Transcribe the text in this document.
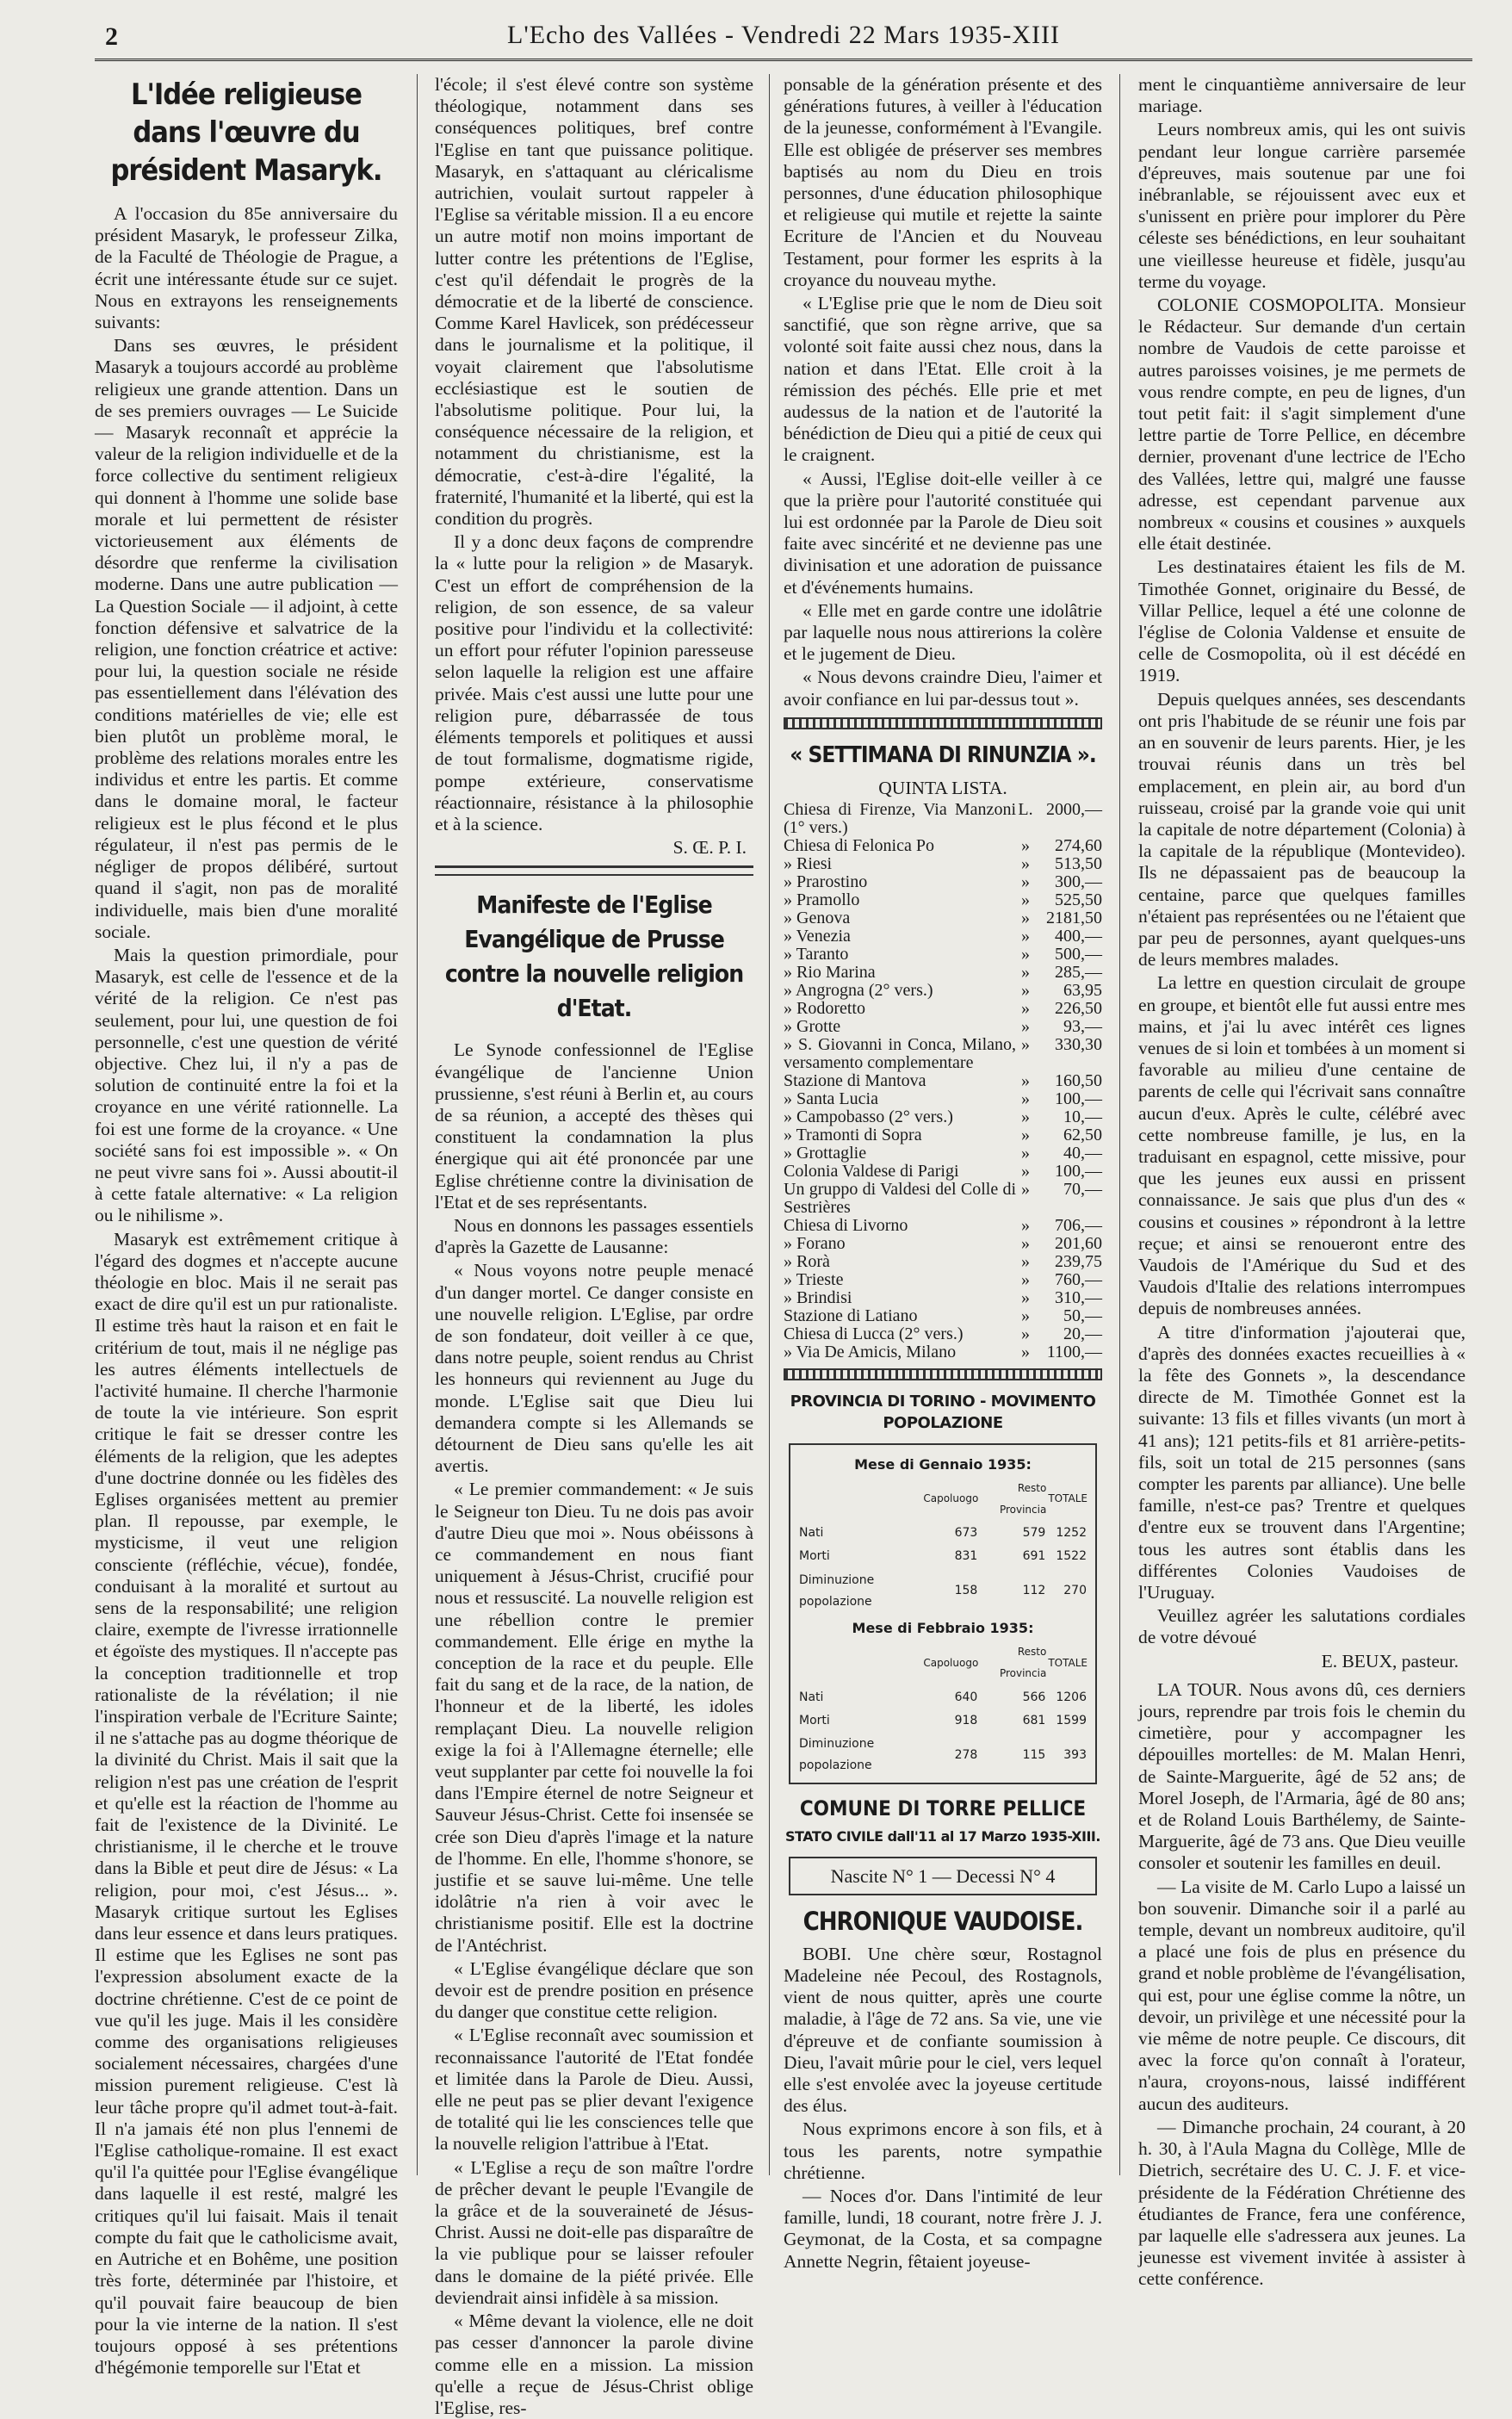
2	L'Echo des Vallées - Vendredi 22 Mars 1935-XIII
L'Idée religieuse dans l'œuvre du président Masaryk.

A l'occasion du 85e anniversaire du président Masaryk, le professeur Zilka, de la Faculté de Théologie de Prague, a écrit une intéressante étude sur ce sujet. Nous en extrayons les renseignements suivants:

Dans ses œuvres, le président Masaryk a toujours accordé au problème religieux une grande attention. Dans un de ses premiers ouvrages — Le Suicide — Masaryk reconnaît et apprécie la valeur de la religion individuelle et de la force collective du sentiment religieux qui donnent à l'homme une solide base morale et lui permettent de résister victorieusement aux éléments de désordre que renferme la civilisation moderne. Dans une autre publication — La Question Sociale — il adjoint, à cette fonction défensive et salvatrice de la religion, une fonction créatrice et active: pour lui, la question sociale ne réside pas essentiellement dans l'élévation des conditions matérielles de vie; elle est bien plutôt un problème moral, le problème des relations morales entre les individus et entre les partis. Et comme dans le domaine moral, le facteur religieux est le plus fécond et le plus régulateur, il n'est pas permis de le négliger de propos délibéré, surtout quand il s'agit, non pas de moralité individuelle, mais bien d'une moralité sociale.

Mais la question primordiale, pour Masaryk, est celle de l'essence et de la vérité de la religion. Ce n'est pas seulement, pour lui, une question de foi personnelle, c'est une question de vérité objective. Chez lui, il n'y a pas de solution de continuité entre la foi et la croyance en une vérité rationnelle. La foi est une forme de la croyance. « Une société sans foi est impossible ». « On ne peut vivre sans foi ». Aussi aboutit-il à cette fatale alternative: « La religion ou le nihilisme ».

Masaryk est extrêmement critique à l'égard des dogmes et n'accepte aucune théologie en bloc. Mais il ne serait pas exact de dire qu'il est un pur rationaliste. Il estime très haut la raison et en fait le critérium de tout, mais il ne néglige pas les autres éléments intellectuels de l'activité humaine. Il cherche l'harmonie de toute la vie intérieure. Son esprit critique le fait se dresser contre les éléments de la religion, que les adeptes d'une doctrine donnée ou les fidèles des Eglises organisées mettent au premier plan. Il repousse, par exemple, le mysticisme, il veut une religion consciente (réfléchie, vécue), fondée, conduisant à la moralité et surtout au sens de la responsabilité; une religion claire, exempte de l'ivresse irrationnelle et égoïste des mystiques. Il n'accepte pas la conception traditionnelle et trop rationaliste de la révélation; il nie l'inspiration verbale de l'Ecriture Sainte; il ne s'attache pas au dogme théorique de la divinité du Christ. Mais il sait que la religion n'est pas une création de l'esprit et qu'elle est la réaction de l'homme au fait de l'existence de la Divinité. Le christianisme, il le cherche et le trouve dans la Bible et peut dire de Jésus: « La religion, pour moi, c'est Jésus... ». Masaryk critique surtout les Eglises dans leur essence et dans leurs pratiques. Il estime que les Eglises ne sont pas l'expression absolument exacte de la doctrine chrétienne. C'est de ce point de vue qu'il les juge. Mais il les considère comme des organisations religieuses socialement nécessaires, chargées d'une mission purement religieuse. C'est là leur tâche propre qu'il admet tout-à-fait. Il n'a jamais été non plus l'ennemi de l'Eglise catholique-romaine. Il est exact qu'il l'a quittée pour l'Eglise évangélique dans laquelle il est resté, malgré les critiques qu'il lui faisait. Mais il tenait compte du fait que le catholicisme avait, en Autriche et en Bohême, une position très forte, déterminée par l'histoire, et qu'il pouvait faire beaucoup de bien pour la vie interne de la nation. Il s'est toujours opposé à ses prétentions d'hégémonie temporelle sur l'Etat et

l'école; il s'est élevé contre son système théologique, notamment dans ses conséquences politiques, bref contre l'Eglise en tant que puissance politique. Masaryk, en s'attaquant au cléricalisme autrichien, voulait surtout rappeler à l'Eglise sa véritable mission. Il a eu encore un autre motif non moins important de lutter contre les prétentions de l'Eglise, c'est qu'il défendait le progrès de la démocratie et de la liberté de conscience. Comme Karel Havlicek, son prédécesseur dans le journalisme et la politique, il voyait clairement que l'absolutisme ecclésiastique est le soutien de l'absolutisme politique. Pour lui, la conséquence nécessaire de la religion, et notamment du christianisme, est la démocratie, c'est-à-dire l'égalité, la fraternité, l'humanité et la liberté, qui est la condition du progrès.

Il y a donc deux façons de comprendre la « lutte pour la religion » de Masaryk. C'est un effort de compréhension de la religion, de son essence, de sa valeur positive pour l'individu et la collectivité: un effort pour réfuter l'opinion paresseuse selon laquelle la religion est une affaire privée. Mais c'est aussi une lutte pour une religion pure, débarrassée de tous éléments temporels et politiques et aussi de tout formalisme, dogmatisme rigide, pompe extérieure, conservatisme réactionnaire, résistance à la philosophie et à la science.

S. Œ. P. I.
Manifeste de l'Eglise Evangélique de Prusse contre la nouvelle religion d'Etat.

Le Synode confessionnel de l'Eglise évangélique de l'ancienne Union prussienne, s'est réuni à Berlin et, au cours de sa réunion, a accepté des thèses qui constituent la condamnation la plus énergique qui ait été prononcée par une Eglise chrétienne contre la divinisation de l'Etat et de ses représentants.

Nous en donnons les passages essentiels d'après la Gazette de Lausanne:

« Nous voyons notre peuple menacé d'un danger mortel. Ce danger consiste en une nouvelle religion. L'Eglise, par ordre de son fondateur, doit veiller à ce que, dans notre peuple, soient rendus au Christ les honneurs qui reviennent au Juge du monde. L'Eglise sait que Dieu lui demandera compte si les Allemands se détournent de Dieu sans qu'elle les ait avertis.

« Le premier commandement: « Je suis le Seigneur ton Dieu. Tu ne dois pas avoir d'autre Dieu que moi ». Nous obéissons à ce commandement en nous fiant uniquement à Jésus-Christ, crucifié pour nous et ressuscité. La nouvelle religion est une rébellion contre le premier commandement. Elle érige en mythe la conception de la race et du peuple. Elle fait du sang et de la race, de la nation, de l'honneur et de la liberté, les idoles remplaçant Dieu. La nouvelle religion exige la foi à l'Allemagne éternelle; elle veut supplanter par cette foi nouvelle la foi dans l'Empire éternel de notre Seigneur et Sauveur Jésus-Christ. Cette foi insensée se crée son Dieu d'après l'image et la nature de l'homme. En elle, l'homme s'honore, se justifie et se sauve lui-même. Une telle idolâtrie n'a rien à voir avec le christianisme positif. Elle est la doctrine de l'Antéchrist.

« L'Eglise évangélique déclare que son devoir est de prendre position en présence du danger que constitue cette religion.

« L'Eglise reconnaît avec soumission et reconnaissance l'autorité de l'Etat fondée et limitée dans la Parole de Dieu. Aussi, elle ne peut pas se plier devant l'exigence de totalité qui lie les consciences telle que la nouvelle religion l'attribue à l'Etat.

« L'Eglise a reçu de son maître l'ordre de prêcher devant le peuple l'Evangile de la grâce et de la souveraineté de Jésus-Christ. Aussi ne doit-elle pas disparaître de la vie publique pour se laisser refouler dans le domaine de la piété privée. Elle deviendrait ainsi infidèle à sa mission.

« Même devant la violence, elle ne doit pas cesser d'annoncer la parole divine comme elle en a mission. La mission qu'elle a reçue de Jésus-Christ oblige l'Eglise, res-

ponsable de la génération présente et des générations futures, à veiller à l'éducation de la jeunesse, conformément à l'Evangile. Elle est obligée de préserver ses membres baptisés au nom du Dieu en trois personnes, d'une éducation philosophique et religieuse qui mutile et rejette la sainte Ecriture de l'Ancien et du Nouveau Testament, pour former les esprits à la croyance du nouveau mythe.

« L'Eglise prie que le nom de Dieu soit sanctifié, que son règne arrive, que sa volonté soit faite aussi chez nous, dans la nation et dans l'Etat. Elle croit à la rémission des péchés. Elle prie et met audessus de la nation et de l'autorité la bénédiction de Dieu qui a pitié de ceux qui le craignent.

« Aussi, l'Eglise doit-elle veiller à ce que la prière pour l'autorité constituée qui lui est ordonnée par la Parole de Dieu soit faite avec sincérité et ne devienne pas une divinisation et une adoration de puissance et d'événements humains.

« Elle met en garde contre une idolâtrie par laquelle nous nous attirerions la colère et le jugement de Dieu.

« Nous devons craindre Dieu, l'aimer et avoir confiance en lui par-dessus tout ».

« SETTIMANA DI RINUNZIA ».

QUINTA LISTA.

Chiesa di Firenze, Via Manzoni (1° vers.)	L.	2000,—
Chiesa di Felonica Po	»	274,60
» Riesi	»	513,50
» Prarostino	»	300,—
» Pramollo	»	525,50
» Genova	»	2181,50
» Venezia	»	400,—
» Taranto	»	500,—
» Rio Marina	»	285,—
» Angrogna (2° vers.)	»	63,95
» Rodoretto	»	226,50
» Grotte	»	93,—
» S. Giovanni in Conca, Milano, versamento complementare	»	330,30
Stazione di Mantova	»	160,50
» Santa Lucia	»	100,—
» Campobasso (2° vers.)	»	10,—
» Tramonti di Sopra	»	62,50
» Grottaglie	»	40,—
Colonia Valdese di Parigi	»	100,—
Un gruppo di Valdesi del Colle di Sestrières	»	70,—
Chiesa di Livorno	»	706,—
» Forano	»	201,60
» Rorà	»	239,75
» Trieste	»	760,—
» Brindisi	»	310,—
Stazione di Latiano	»	50,—
Chiesa di Lucca (2° vers.)	»	20,—
» Via De Amicis, Milano	»	1100,—
PROVINCIA DI TORINO - MOVIMENTO POPOLAZIONE
Mese di Gennaio 1935:
	Capoluogo	Resto Provincia	TOTALE
Nati	673	579	1252
Morti	831	691	1522
Diminuzione popolazione	158	112	270
Mese di Febbraio 1935:
	Capoluogo	Resto Provincia	TOTALE
Nati	640	566	1206
Morti	918	681	1599
Diminuzione popolazione	278	115	393
COMUNE DI TORRE PELLICE
STATO CIVILE dall'11 al 17 Marzo 1935-XIII.
Nascite N° 1 — Decessi N° 4
CHRONIQUE VAUDOISE.

BOBI. Une chère sœur, Rostagnol Madeleine née Pecoul, des Rostagnols, vient de nous quitter, après une courte maladie, à l'âge de 72 ans. Sa vie, une vie d'épreuve et de confiante soumission à Dieu, l'avait mûrie pour le ciel, vers lequel elle s'est envolée avec la joyeuse certitude des élus.

Nous exprimons encore à son fils, et à tous les parents, notre sympathie chrétienne.

— Noces d'or. Dans l'intimité de leur famille, lundi, 18 courant, notre frère J. J. Geymonat, de la Costa, et sa compagne Annette Negrin, fêtaient joyeuse-

ment le cinquantième anniversaire de leur mariage.

Leurs nombreux amis, qui les ont suivis pendant leur longue carrière parsemée d'épreuves, mais soutenue par une foi inébranlable, se réjouissent avec eux et s'unissent en prière pour implorer du Père céleste ses bénédictions, en leur souhaitant une vieillesse heureuse et fidèle, jusqu'au terme du voyage.

COLONIE COSMOPOLITA. Monsieur le Rédacteur. Sur demande d'un certain nombre de Vaudois de cette paroisse et autres paroisses voisines, je me permets de vous rendre compte, en peu de lignes, d'un tout petit fait: il s'agit simplement d'une lettre partie de Torre Pellice, en décembre dernier, provenant d'une lectrice de l'Echo des Vallées, lettre qui, malgré une fausse adresse, est cependant parvenue aux nombreux « cousins et cousines » auxquels elle était destinée.

Les destinataires étaient les fils de M. Timothée Gonnet, originaire du Bessé, de Villar Pellice, lequel a été une colonne de l'église de Colonia Valdense et ensuite de celle de Cosmopolita, où il est décédé en 1919.

Depuis quelques années, ses descendants ont pris l'habitude de se réunir une fois par an en souvenir de leurs parents. Hier, je les trouvai réunis dans un très bel emplacement, en plein air, au bord d'un ruisseau, croisé par la grande voie qui unit la capitale de notre département (Colonia) à la capitale de la république (Montevideo). Ils ne dépassaient pas de beaucoup la centaine, parce que quelques familles n'étaient pas représentées ou ne l'étaient que par peu de personnes, ayant quelques-uns de leurs membres malades.

La lettre en question circulait de groupe en groupe, et bientôt elle fut aussi entre mes mains, et j'ai lu avec intérêt ces lignes venues de si loin et tombées à un moment si favorable au milieu d'une centaine de parents de celle qui l'écrivait sans connaître aucun d'eux. Après le culte, célébré avec cette nombreuse famille, je lus, en la traduisant en espagnol, cette missive, pour que les jeunes eux aussi en prissent connaissance. Je sais que plus d'un des « cousins et cousines » répondront à la lettre reçue; et ainsi se renoueront entre des Vaudois de l'Amérique du Sud et des Vaudois d'Italie des relations interrompues depuis de nombreuses années.

A titre d'information j'ajouterai que, d'après des données exactes recueillies à « la fête des Gonnets », la descendance directe de M. Timothée Gonnet est la suivante: 13 fils et filles vivants (un mort à 41 ans); 121 petits-fils et 81 arrière-petits-fils, soit un total de 215 personnes (sans compter les parents par alliance). Une belle famille, n'est-ce pas? Trentre et quelques d'entre eux se trouvent dans l'Argentine; tous les autres sont établis dans les différentes Colonies Vaudoises de l'Uruguay.

Veuillez agréer les salutations cordiales de votre dévoué

E. BEUX, pasteur.

LA TOUR. Nous avons dû, ces derniers jours, reprendre par trois fois le chemin du cimetière, pour y accompagner les dépouilles mortelles: de M. Malan Henri, de Sainte-Marguerite, âgé de 52 ans; de Morel Joseph, de l'Armaria, âgé de 80 ans; et de Roland Louis Barthélemy, de Sainte-Marguerite, âgé de 73 ans. Que Dieu veuille consoler et soutenir les familles en deuil.

— La visite de M. Carlo Lupo a laissé un bon souvenir. Dimanche soir il a parlé au temple, devant un nombreux auditoire, qu'il a placé une fois de plus en présence du grand et noble problème de l'évangélisation, qui est, pour une église comme la nôtre, un devoir, un privilège et une nécessité pour la vie même de notre peuple. Ce discours, dit avec la force qu'on connaît à l'orateur, n'aura, croyons-nous, laissé indifférent aucun des auditeurs.

— Dimanche prochain, 24 courant, à 20 h. 30, à l'Aula Magna du Collège, Mlle de Dietrich, secrétaire des U. C. J. F. et vice-présidente de la Fédération Chrétienne des étudiantes de France, fera une conférence, par laquelle elle s'adressera aux jeunes. La jeunesse est vivement invitée à assister à cette conférence.
